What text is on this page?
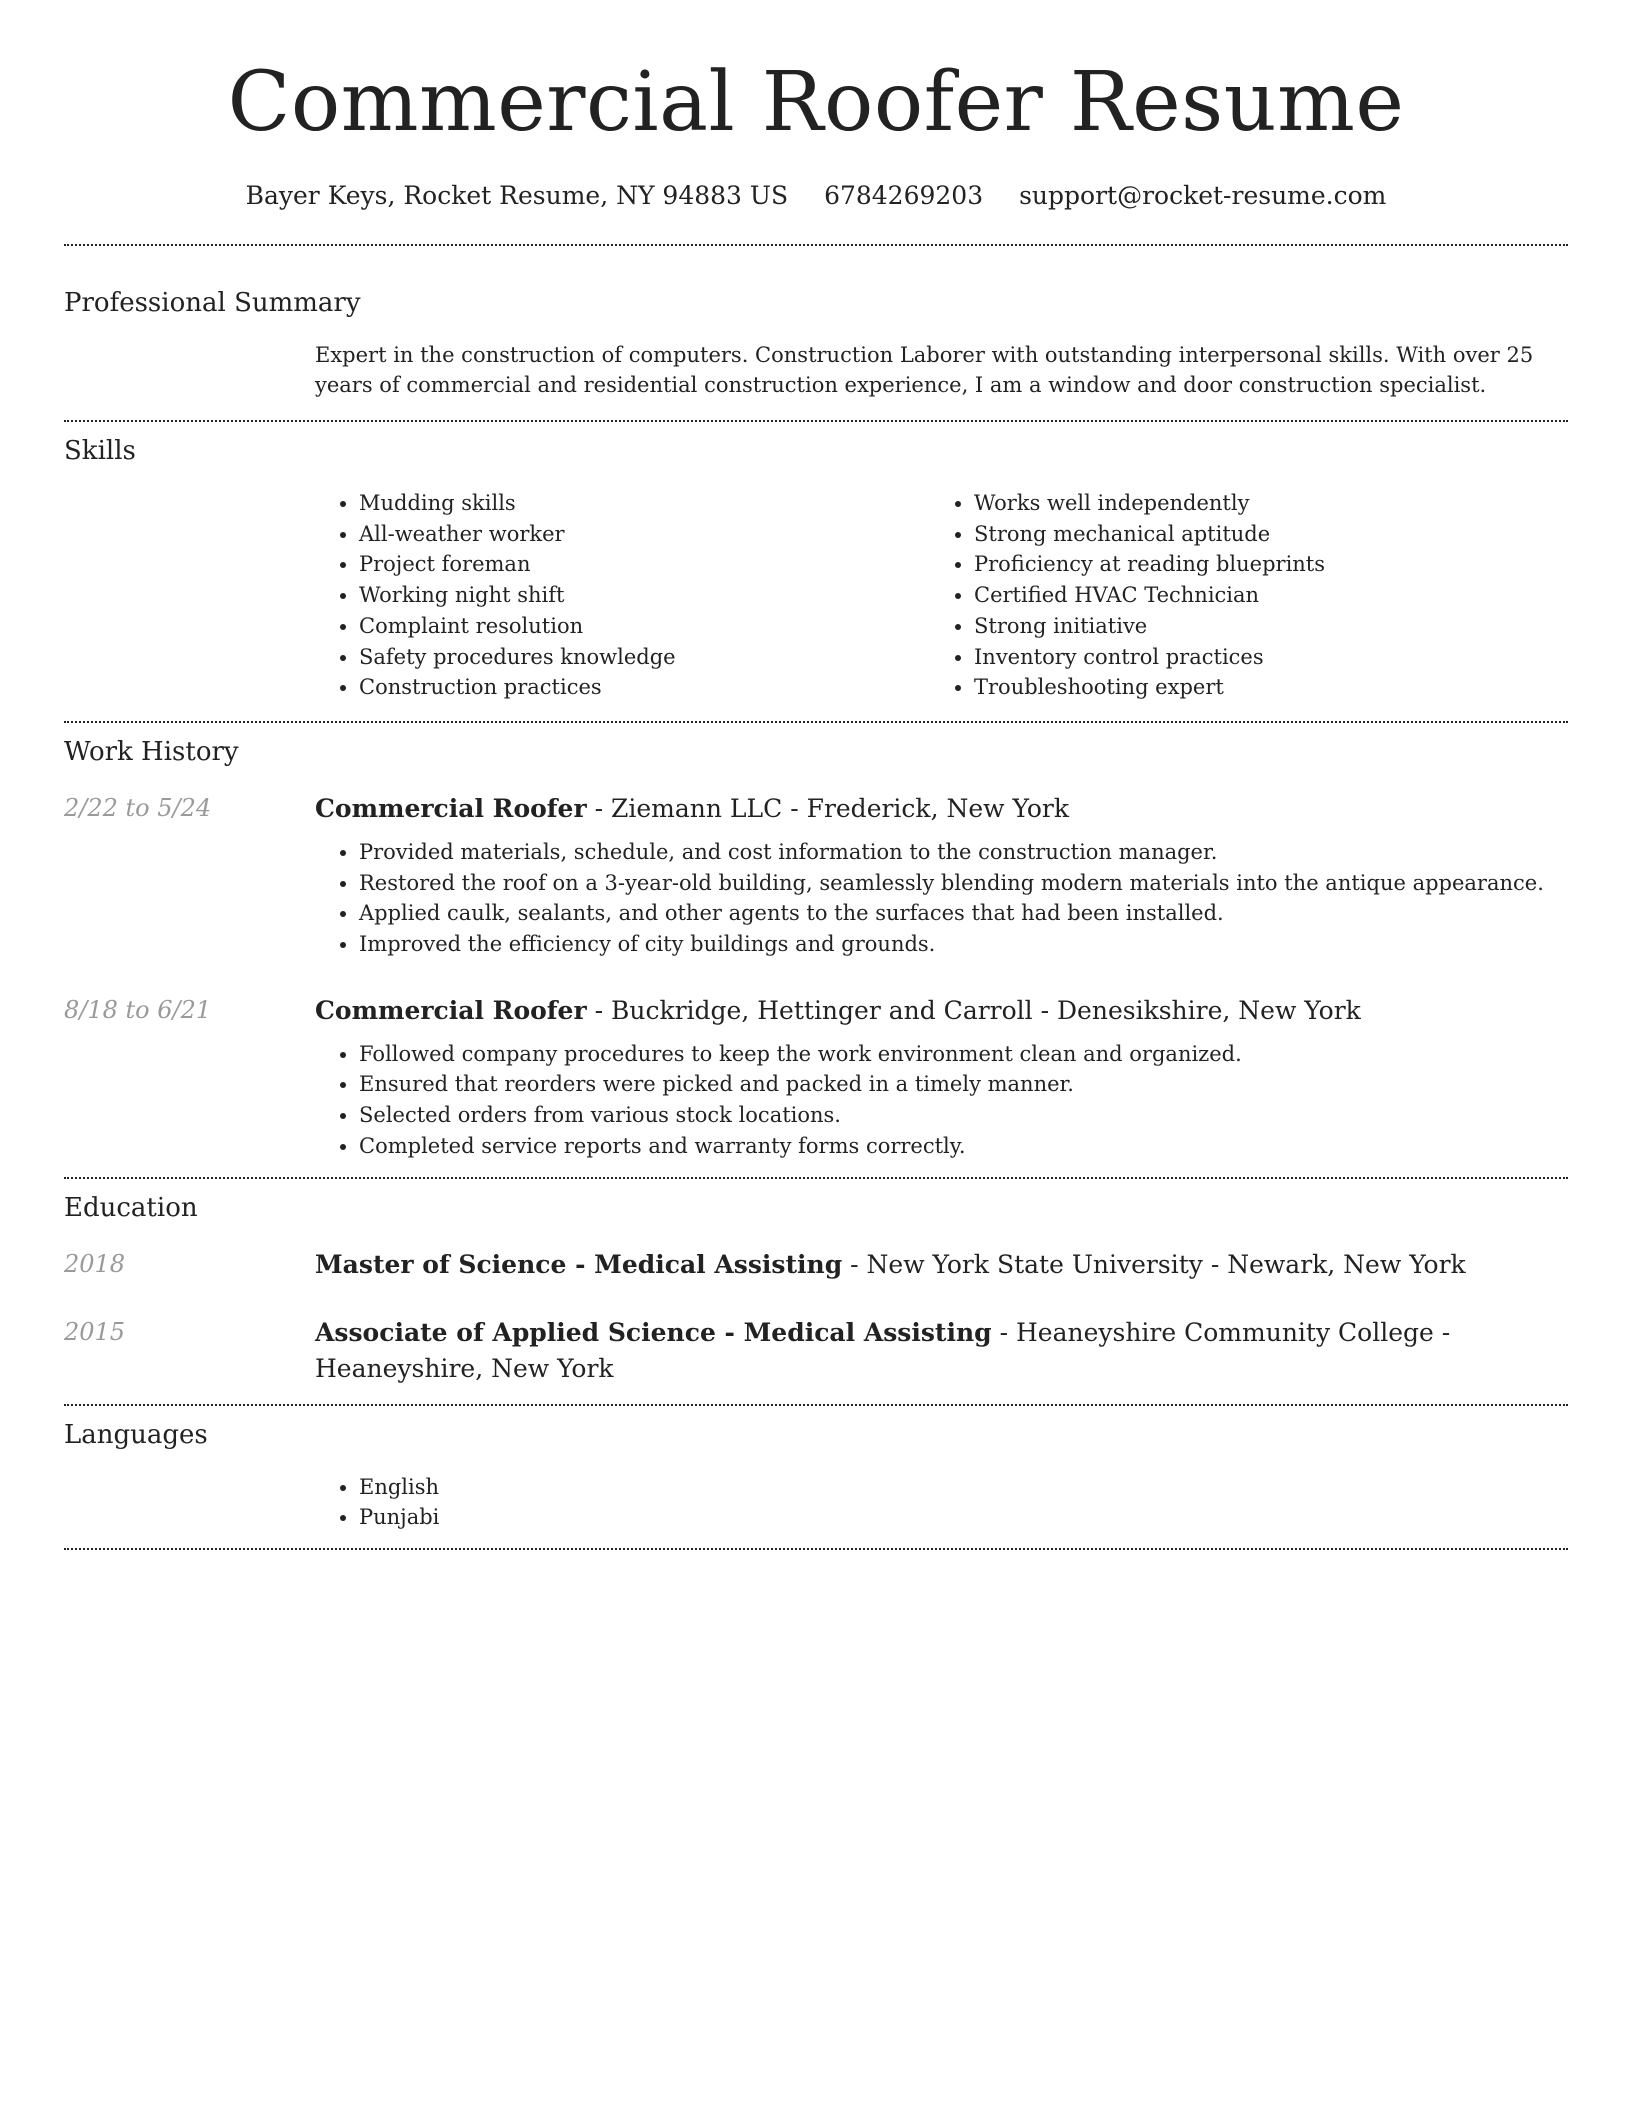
Commercial Roofer Resume
Bayer Keys, Rocket Resume, NY 94883 US 6784269203 support@rocket-resume.com
Professional Summary

Expert in the construction of computers. Construction Laborer with outstanding interpersonal skills. With over 25 years of commercial and residential construction experience, I am a window and door construction specialist.

Skills
• Mudding skills
• All-weather worker
• Project foreman
• Working night shift
• Complaint resolution
• Safety procedures knowledge
• Construction practices
• Works well independently
• Strong mechanical aptitude
• Proficiency at reading blueprints
• Certified HVAC Technician
• Strong initiative
• Inventory control practices
• Troubleshooting expert
Work History
2/22 to 5/24	Commercial Roofer - Ziemann LLC - Frederick, New York
• Provided materials, schedule, and cost information to the construction manager.
• Restored the roof on a 3-year-old building, seamlessly blending modern materials into the antique appearance.
• Applied caulk, sealants, and other agents to the surfaces that had been installed.
• Improved the efficiency of city buildings and grounds.
8/18 to 6/21	Commercial Roofer - Buckridge, Hettinger and Carroll - Denesikshire, New York
• Followed company procedures to keep the work environment clean and organized.
• Ensured that reorders were picked and packed in a timely manner.
• Selected orders from various stock locations.
• Completed service reports and warranty forms correctly.
Education
2018	Master of Science - Medical Assisting - New York State University - Newark, New York
2015	Associate of Applied Science - Medical Assisting - Heaneyshire Community College - Heaneyshire, New York
Languages
• English
• Punjabi
